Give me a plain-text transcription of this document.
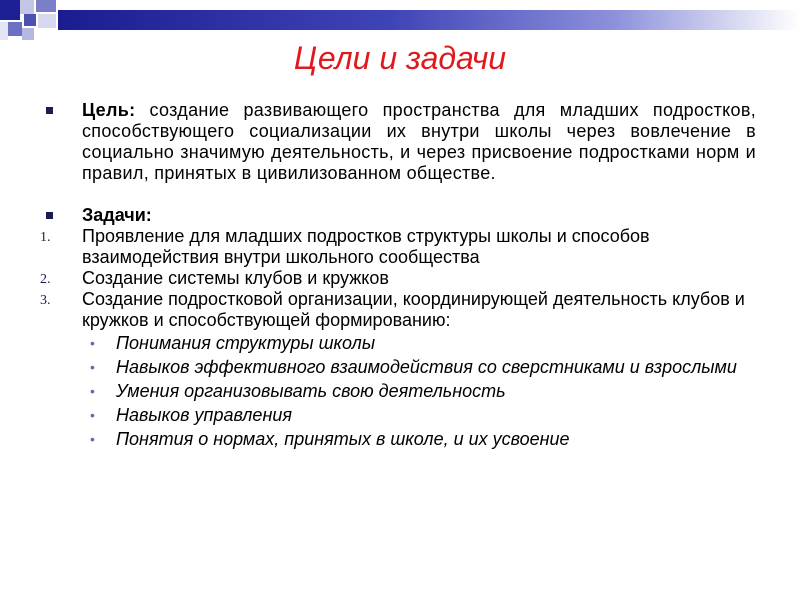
Цели и задачи
Цель: создание развивающего пространства для младших подростков, способствующего социализации их внутри школы через вовлечение в социально значимую деятельность, и через присвоение подростками норм и правил, принятых в цивилизованном обществе.
Задачи:
1. Проявление для младших подростков структуры школы и способов взаимодействия внутри школьного сообщества
2. Создание системы клубов и кружков
3. Создание подростковой организации, координирующей деятельность клубов и кружков и способствующей формированию:
• Понимания структуры школы
• Навыков эффективного взаимодействия со сверстниками и взрослыми
• Умения организовывать свою деятельность
• Навыков управления
• Понятия о нормах, принятых в школе, и их усвоение
